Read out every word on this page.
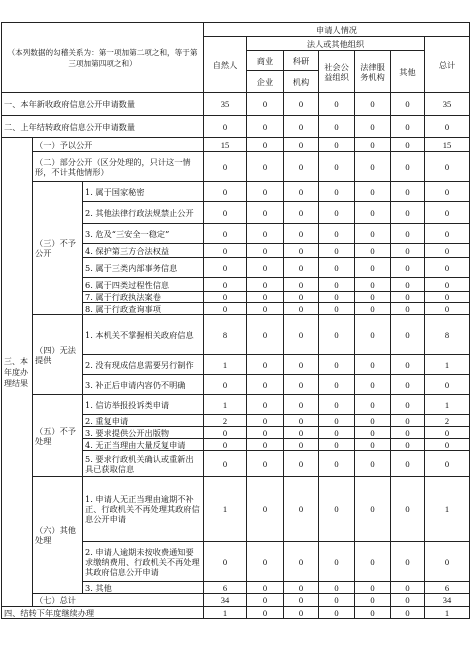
（本列数据的勾稽关系为：第一项加第二项之和，等于第三项加第四项之和）			申请人情况						
			自然人	法人或其他组织					总计
				商业	科研	社会公益组织	法律服务机构	其他	
				企业	机构				
一、本年新收政府信息公开申请数量			35	0	0	0	0	0	35
二、上年结转政府信息公开申请数量			0	0	0	0	0	0	0
三、本年度办理结果	（一）予以公开		15	0	0	0	0	0	15
	（二）部分公开（区分处理的，只计这一情形，不计其他情形）		0	0	0	0	0	0	0
	（三）不予公开	1. 属于国家秘密	0	0	0	0	0	0	0
		2. 其他法律行政法规禁止公开	0	0	0	0	0	0	0
		3. 危及“三安全一稳定”	0	0	0	0	0	0	0
		4. 保护第三方合法权益	0	0	0	0	0	0	0
		5. 属于三类内部事务信息	0	0	0	0	0	0	0
		6. 属于四类过程性信息	0	0	0	0	0	0	0
		7. 属于行政执法案卷	0	0	0	0	0	0	0
		8. 属于行政查询事项	0	0	0	0	0	0	0
	（四）无法提供	1. 本机关不掌握相关政府信息	8	0	0	0	0	0	8
		2. 没有现成信息需要另行制作	1	0	0	0	0	0	1
		3. 补正后申请内容仍不明确	0	0	0	0	0	0	0
	（五）不予处理	1. 信访举报投诉类申请	1	0	0	0	0	0	1
		2. 重复申请	2	0	0	0	0	0	2
		3. 要求提供公开出版物	0	0	0	0	0	0	0
		4. 无正当理由大量反复申请	0	0	0	0	0	0	0
		5. 要求行政机关确认或重新出具已获取信息	0	0	0	0	0	0	0
	（六）其他处理	1. 申请人无正当理由逾期不补正、行政机关不再处理其政府信息公开申请	1	0	0	0	0	0	1
		2. 申请人逾期未按收费通知要求缴纳费用、行政机关不再处理其政府信息公开申请	0	0	0	0	0	0	0
		3. 其他	6	0	0	0	0	0	6
	（七）总计		34	0	0	0	0	0	34
四、结转下年度继续办理			1	0	0	0	0	0	1
